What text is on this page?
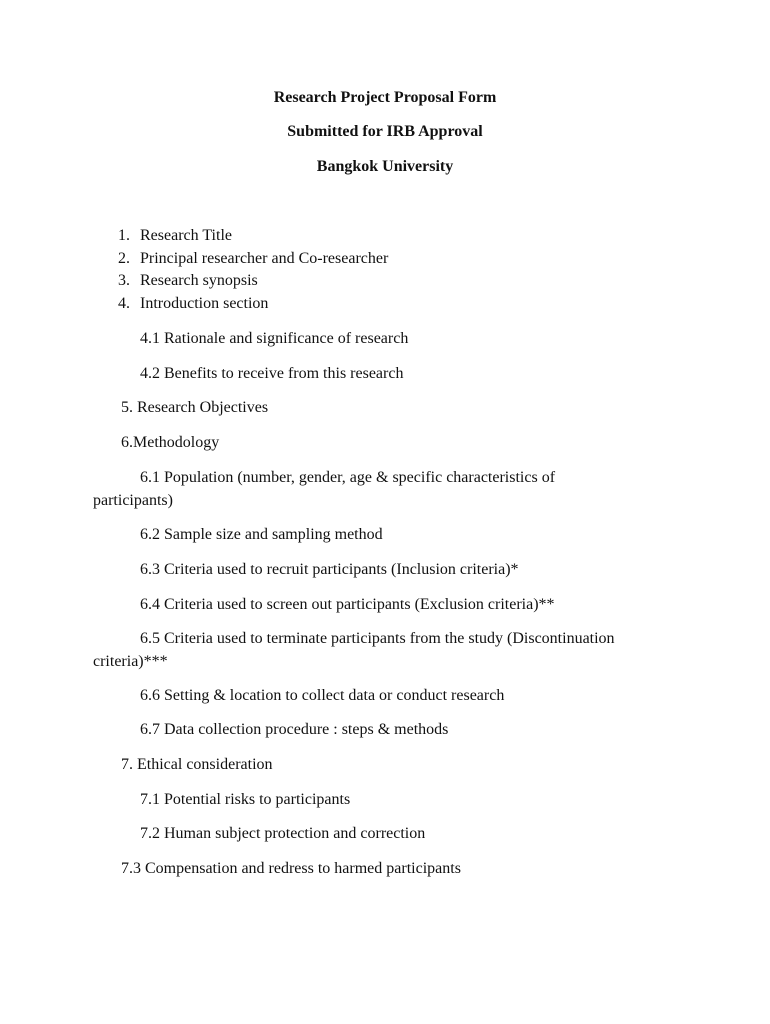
Research Project Proposal Form
Submitted for IRB Approval
Bangkok University
1. Research Title
2. Principal researcher and Co-researcher
3. Research synopsis
4. Introduction section
4.1 Rationale and significance of research
4.2 Benefits to receive from this research
5. Research Objectives
6.Methodology
6.1 Population (number, gender, age & specific characteristics of
participants)
6.2 Sample size and sampling method
6.3 Criteria used to recruit participants (Inclusion criteria)*
6.4 Criteria used to screen out participants (Exclusion criteria)**
6.5 Criteria used to terminate participants from the study (Discontinuation
criteria)***
6.6 Setting & location to collect data or conduct research
6.7 Data collection procedure : steps & methods
7. Ethical consideration
7.1 Potential risks to participants
7.2 Human subject protection and correction
7.3 Compensation and redress to harmed participants
